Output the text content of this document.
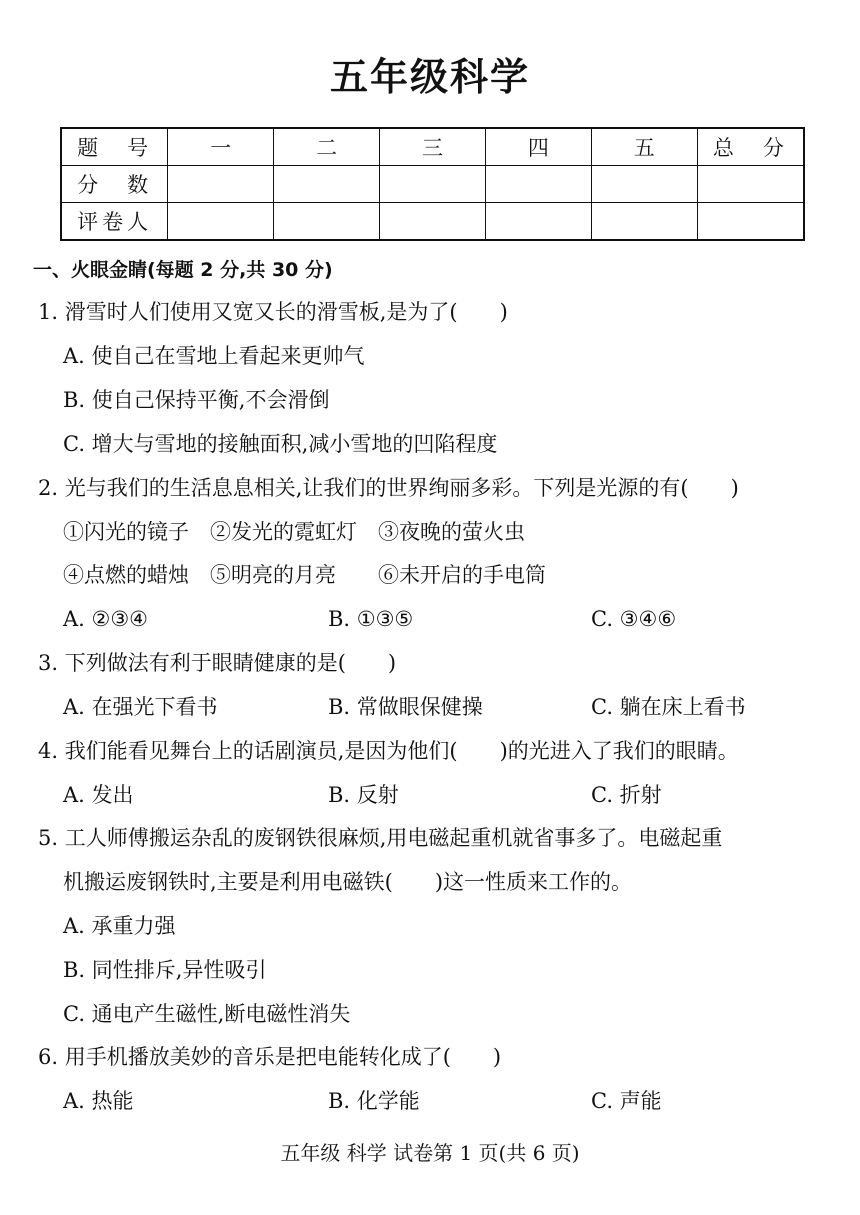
五年级科学
题　号	一	二	三	四	五	总　分
分　数						
评卷人						
一、火眼金睛(每题 2 分,共 30 分)
1. 滑雪时人们使用又宽又长的滑雪板,是为了(　　)
A. 使自己在雪地上看起来更帅气
B. 使自己保持平衡,不会滑倒
C. 增大与雪地的接触面积,减小雪地的凹陷程度
2. 光与我们的生活息息相关,让我们的世界绚丽多彩。下列是光源的有(　　)
①闪光的镜子　②发光的霓虹灯　③夜晚的萤火虫
④点燃的蜡烛　⑤明亮的月亮　　⑥未开启的手电筒
A. ②③④	B. ①③⑤	C. ③④⑥
3. 下列做法有利于眼睛健康的是(　　)
A. 在强光下看书	B. 常做眼保健操	C. 躺在床上看书
4. 我们能看见舞台上的话剧演员,是因为他们(　　)的光进入了我们的眼睛。
A. 发出	B. 反射	C. 折射
5. 工人师傅搬运杂乱的废钢铁很麻烦,用电磁起重机就省事多了。电磁起重
机搬运废钢铁时,主要是利用电磁铁(　　)这一性质来工作的。
A. 承重力强
B. 同性排斥,异性吸引
C. 通电产生磁性,断电磁性消失
6. 用手机播放美妙的音乐是把电能转化成了(　　)
A. 热能	B. 化学能	C. 声能
五年级 科学 试卷第 1 页(共 6 页)
